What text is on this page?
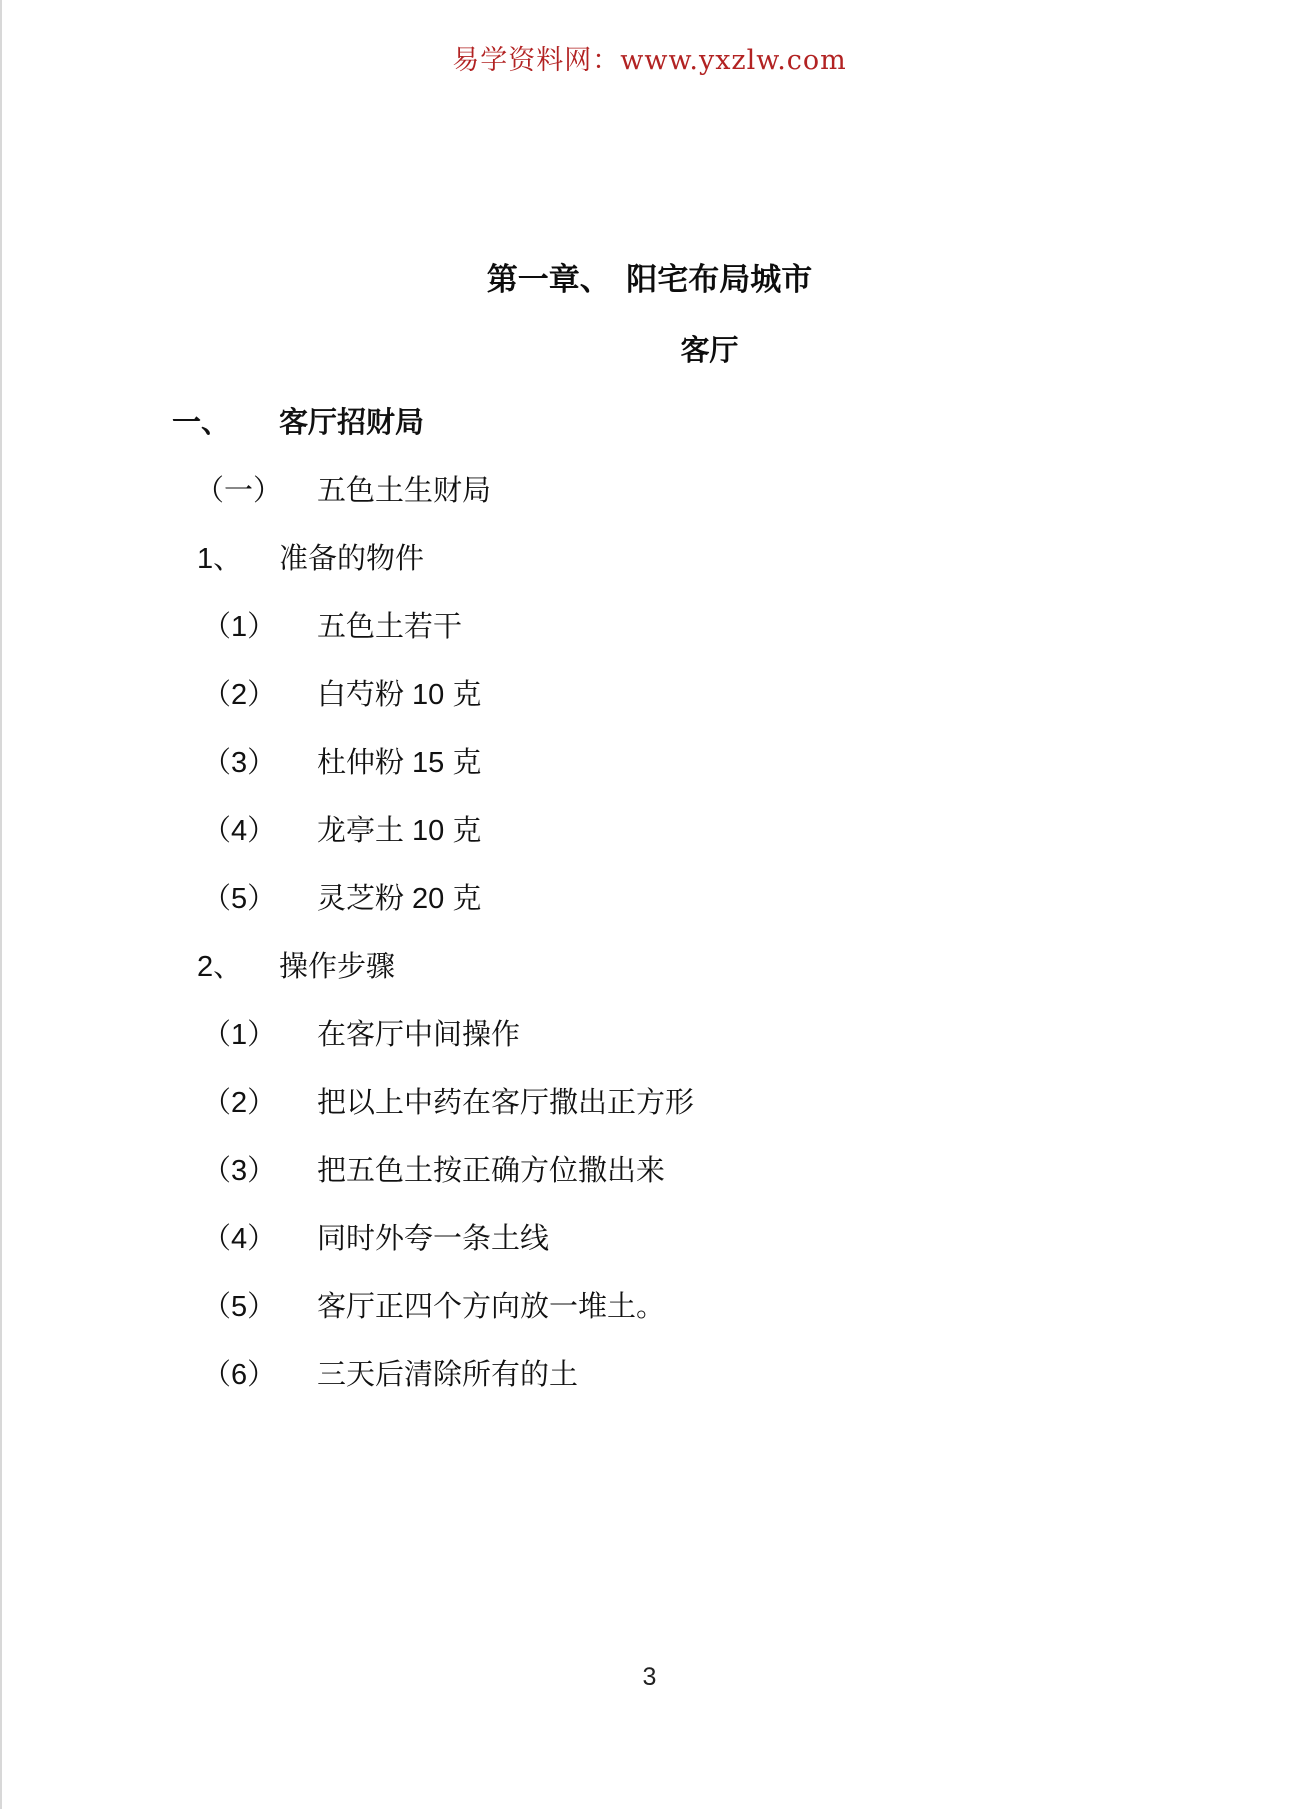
易学资料网：www.yxzlw.com
第一章、　阳宅布局城市
客厅
一、	客厅招财局
（一）	五色土生财局
1、	准备的物件
（1）	五色土若干
（2）	白芍粉 10 克
（3）	杜仲粉 15 克
（4）	龙亭土 10 克
（5）	灵芝粉 20 克
2、	操作步骤
（1）	在客厅中间操作
（2）	把以上中药在客厅撒出正方形
（3）	把五色土按正确方位撒出来
（4）	同时外夸一条土线
（5）	客厅正四个方向放一堆土。
（6）	三天后清除所有的土
3
